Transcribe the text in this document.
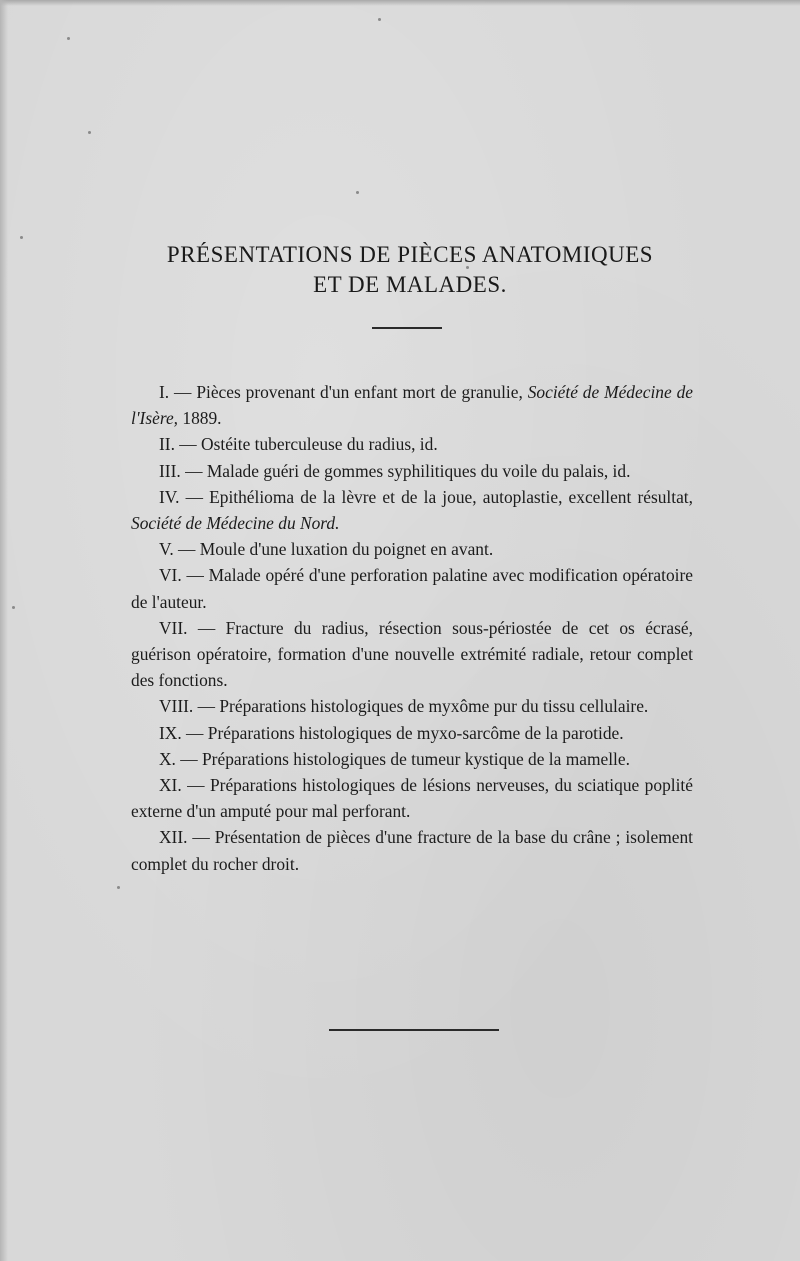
PRÉSENTATIONS DE PIÈCES ANATOMIQUES
ET DE MALADES.

I. — Pièces provenant d'un enfant mort de granulie, Société de Médecine de l'Isère, 1889.

II. — Ostéite tuberculeuse du radius, id.

III. — Malade guéri de gommes syphilitiques du voile du palais, id.

IV. — Epithélioma de la lèvre et de la joue, autoplastie, excellent résultat, Société de Médecine du Nord.

V. — Moule d'une luxation du poignet en avant.

VI. — Malade opéré d'une perforation palatine avec modification opératoire de l'auteur.

VII. — Fracture du radius, résection sous-périostée de cet os écrasé, guérison opératoire, formation d'une nouvelle extrémité radiale, retour complet des fonctions.

VIII. — Préparations histologiques de myxôme pur du tissu cellulaire.

IX. — Préparations histologiques de myxo-sarcôme de la parotide.

X. — Préparations histologiques de tumeur kystique de la mamelle.

XI. — Préparations histologiques de lésions nerveuses, du sciatique poplité externe d'un amputé pour mal perforant.

XII. — Présentation de pièces d'une fracture de la base du crâne ; isolement complet du rocher droit.
